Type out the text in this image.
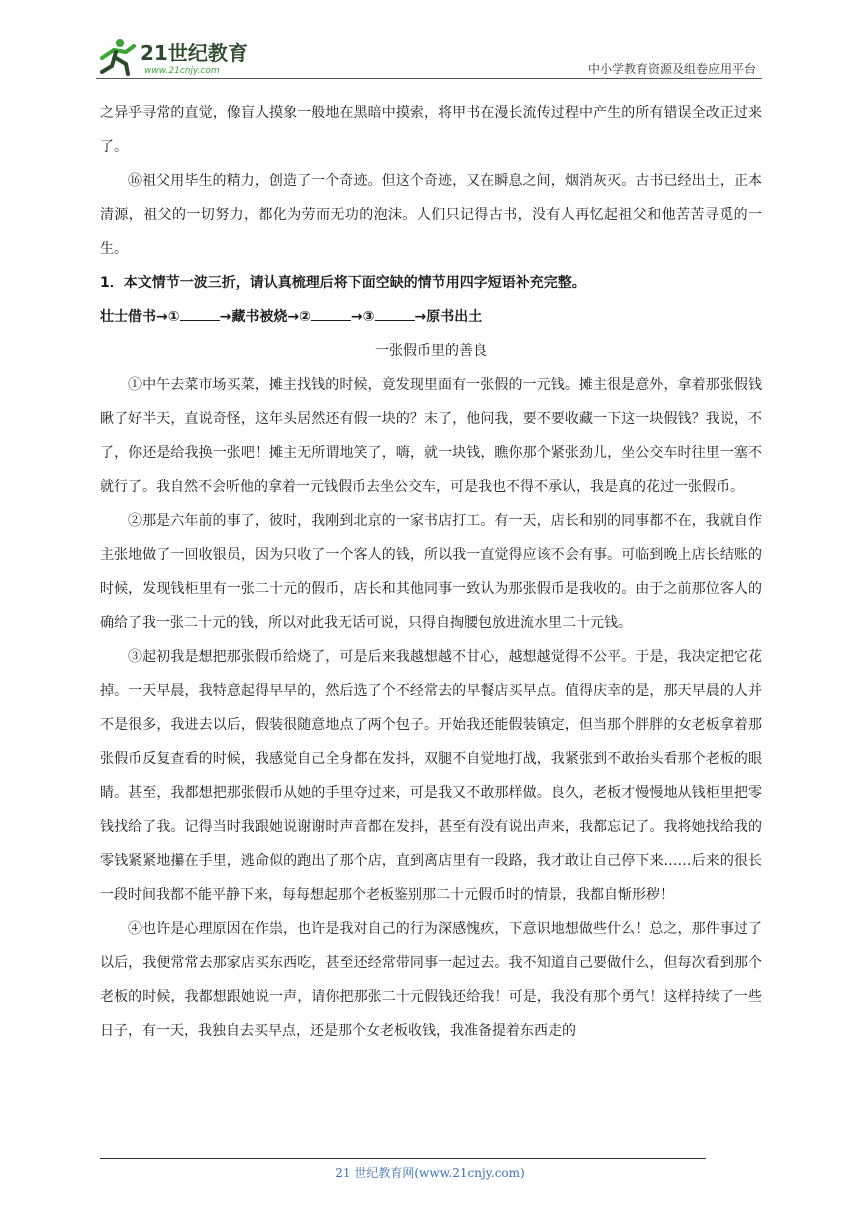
21世纪教育
www.21cnjy.com	中小学教育资源及组卷应用平台

之异乎寻常的直觉，像盲人摸象一般地在黑暗中摸索，将甲书在漫长流传过程中产生的所有错误全改正过来了。

⑯祖父用毕生的精力，创造了一个奇迹。但这个奇迹，又在瞬息之间，烟消灰灭。古书已经出土，正本清源，祖父的一切努力，都化为劳而无功的泡沫。人们只记得古书，没有人再忆起祖父和他苦苦寻觅的一生。

1．本文情节一波三折，请认真梳理后将下面空缺的情节用四字短语补充完整。

壮士借书→①	→藏书被烧→②	→③	→原书出土

一张假币里的善良

①中午去菜市场买菜，摊主找钱的时候，竟发现里面有一张假的一元钱。摊主很是意外，拿着那张假钱瞅了好半天，直说奇怪，这年头居然还有假一块的？末了，他问我，要不要收藏一下这一块假钱？我说，不了，你还是给我换一张吧！摊主无所谓地笑了，嗨，就一块钱，瞧你那个紧张劲儿，坐公交车时往里一塞不就行了。我自然不会听他的拿着一元钱假币去坐公交车，可是我也不得不承认，我是真的花过一张假币。

②那是六年前的事了，彼时，我刚到北京的一家书店打工。有一天，店长和别的同事都不在，我就自作主张地做了一回收银员，因为只收了一个客人的钱，所以我一直觉得应该不会有事。可临到晚上店长结账的时候，发现钱柜里有一张二十元的假币，店长和其他同事一致认为那张假币是我收的。由于之前那位客人的确给了我一张二十元的钱，所以对此我无话可说，只得自掏腰包放进流水里二十元钱。

③起初我是想把那张假币给烧了，可是后来我越想越不甘心，越想越觉得不公平。于是，我决定把它花掉。一天早晨，我特意起得早早的，然后选了个不经常去的早餐店买早点。值得庆幸的是，那天早晨的人并不是很多，我进去以后，假装很随意地点了两个包子。开始我还能假装镇定，但当那个胖胖的女老板拿着那张假币反复查看的时候，我感觉自己全身都在发抖，双腿不自觉地打战，我紧张到不敢抬头看那个老板的眼睛。甚至，我都想把那张假币从她的手里夺过来，可是我又不敢那样做。良久，老板才慢慢地从钱柜里把零钱找给了我。记得当时我跟她说谢谢时声音都在发抖，甚至有没有说出声来，我都忘记了。我将她找给我的零钱紧紧地攥在手里，逃命似的跑出了那个店，直到离店里有一段路，我才敢让自己停下来……后来的很长一段时间我都不能平静下来，每每想起那个老板鉴别那二十元假币时的情景，我都自惭形秽！

④也许是心理原因在作祟，也许是我对自己的行为深感愧疚，下意识地想做些什么！总之，那件事过了以后，我便常常去那家店买东西吃，甚至还经常带同事一起过去。我不知道自己要做什么，但每次看到那个老板的时候，我都想跟她说一声，请你把那张二十元假钱还给我！可是，我没有那个勇气！这样持续了一些日子，有一天，我独自去买早点，还是那个女老板收钱，我准备提着东西走的

21 世纪教育网(www.21cnjy.com)
